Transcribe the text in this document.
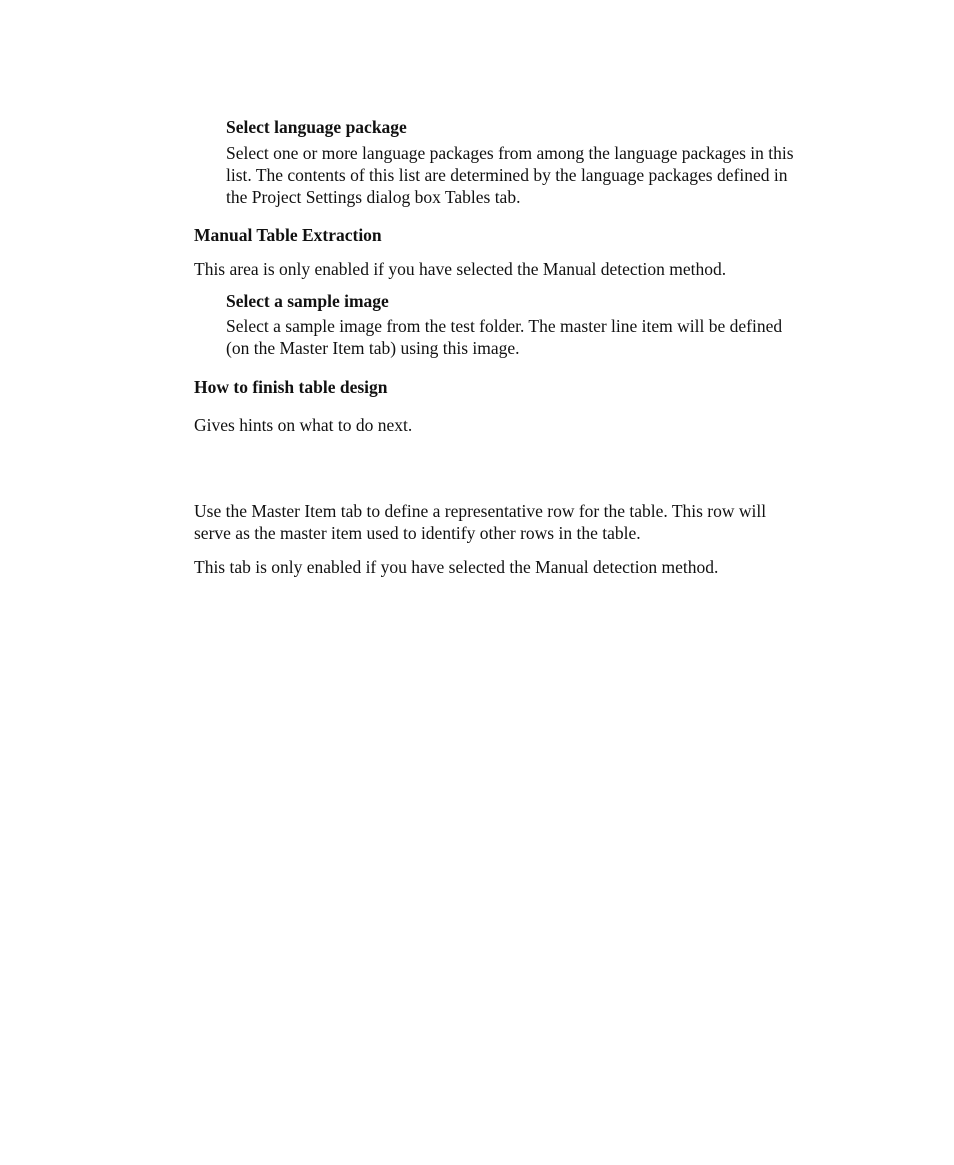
Select language package
Select one or more language packages from among the language packages in this
list. The contents of this list are determined by the language packages defined in
the Project Settings dialog box Tables tab.
Manual Table Extraction
This area is only enabled if you have selected the Manual detection method.
Select a sample image
Select a sample image from the test folder. The master line item will be defined
(on the Master Item tab) using this image.
How to finish table design
Gives hints on what to do next.
Use the Master Item tab to define a representative row for the table. This row will
serve as the master item used to identify other rows in the table.
This tab is only enabled if you have selected the Manual detection method.
